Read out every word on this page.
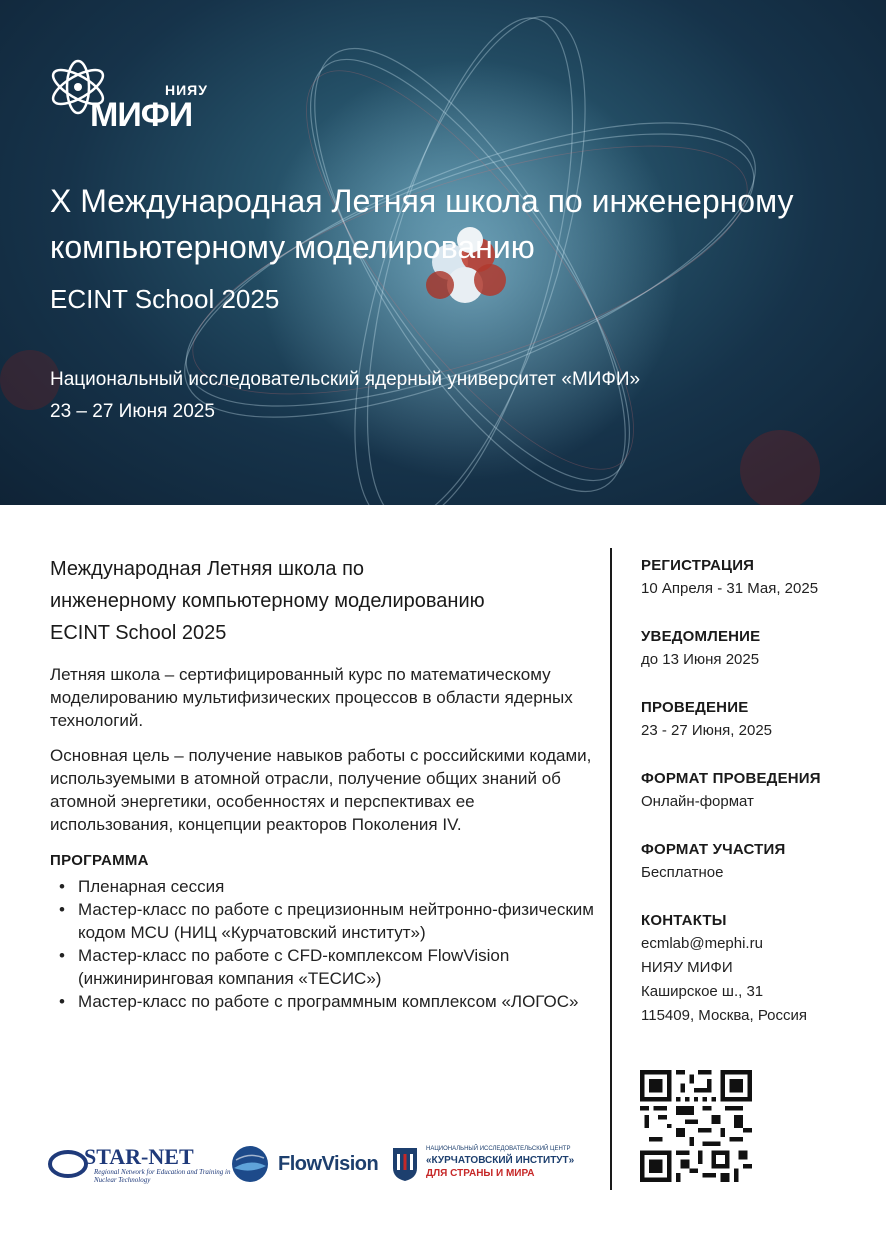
НИЯУ
МИФИ
X Международная Летняя школа по инженерному компьютерному моделированию
ECINT School 2025
Национальный исследовательский ядерный университет «МИФИ»
23 – 27 Июня 2025
Международная Летняя школа по
инженерному компьютерному моделированию
ECINT School 2025

Летняя школа – сертифицированный курс по математическому моделированию мультифизических процессов в области ядерных технологий.

Основная цель – получение навыков работы с российскими кодами, используемыми в атомной отрасли, получение общих знаний об атомной энергетики, особенностях и перспективах ее использования, концепции реакторов Поколения IV.

ПРОГРАММА
• Пленарная сессия
• Мастер-класс по работе с прецизионным нейтронно-физическим кодом MCU (НИЦ «Курчатовский институт»)
• Мастер-класс по работе с CFD-комплексом FlowVision (инжиниринговая компания «ТЕСИС»)
• Мастер-класс по работе с программным комплексом «ЛОГОС»
РЕГИСТРАЦИЯ
10 Апреля - 31 Мая, 2025
УВЕДОМЛЕНИЕ
до 13 Июня 2025
ПРОВЕДЕНИЕ
23 - 27 Июня, 2025
ФОРМАТ ПРОВЕДЕНИЯ
Онлайн-формат
ФОРМАТ УЧАСТИЯ
Бесплатное
КОНТАКТЫ
ecmlab@mephi.ru
НИЯУ МИФИ
Каширское ш., 31
115409, Москва, Россия
STAR-NET
Regional Network for Education and Training in Nuclear Technology
FlowVision
НАЦИОНАЛЬНЫЙ ИССЛЕДОВАТЕЛЬСКИЙ ЦЕНТР
«КУРЧАТОВСКИЙ ИНСТИТУТ»
ДЛЯ СТРАНЫ И МИРА
